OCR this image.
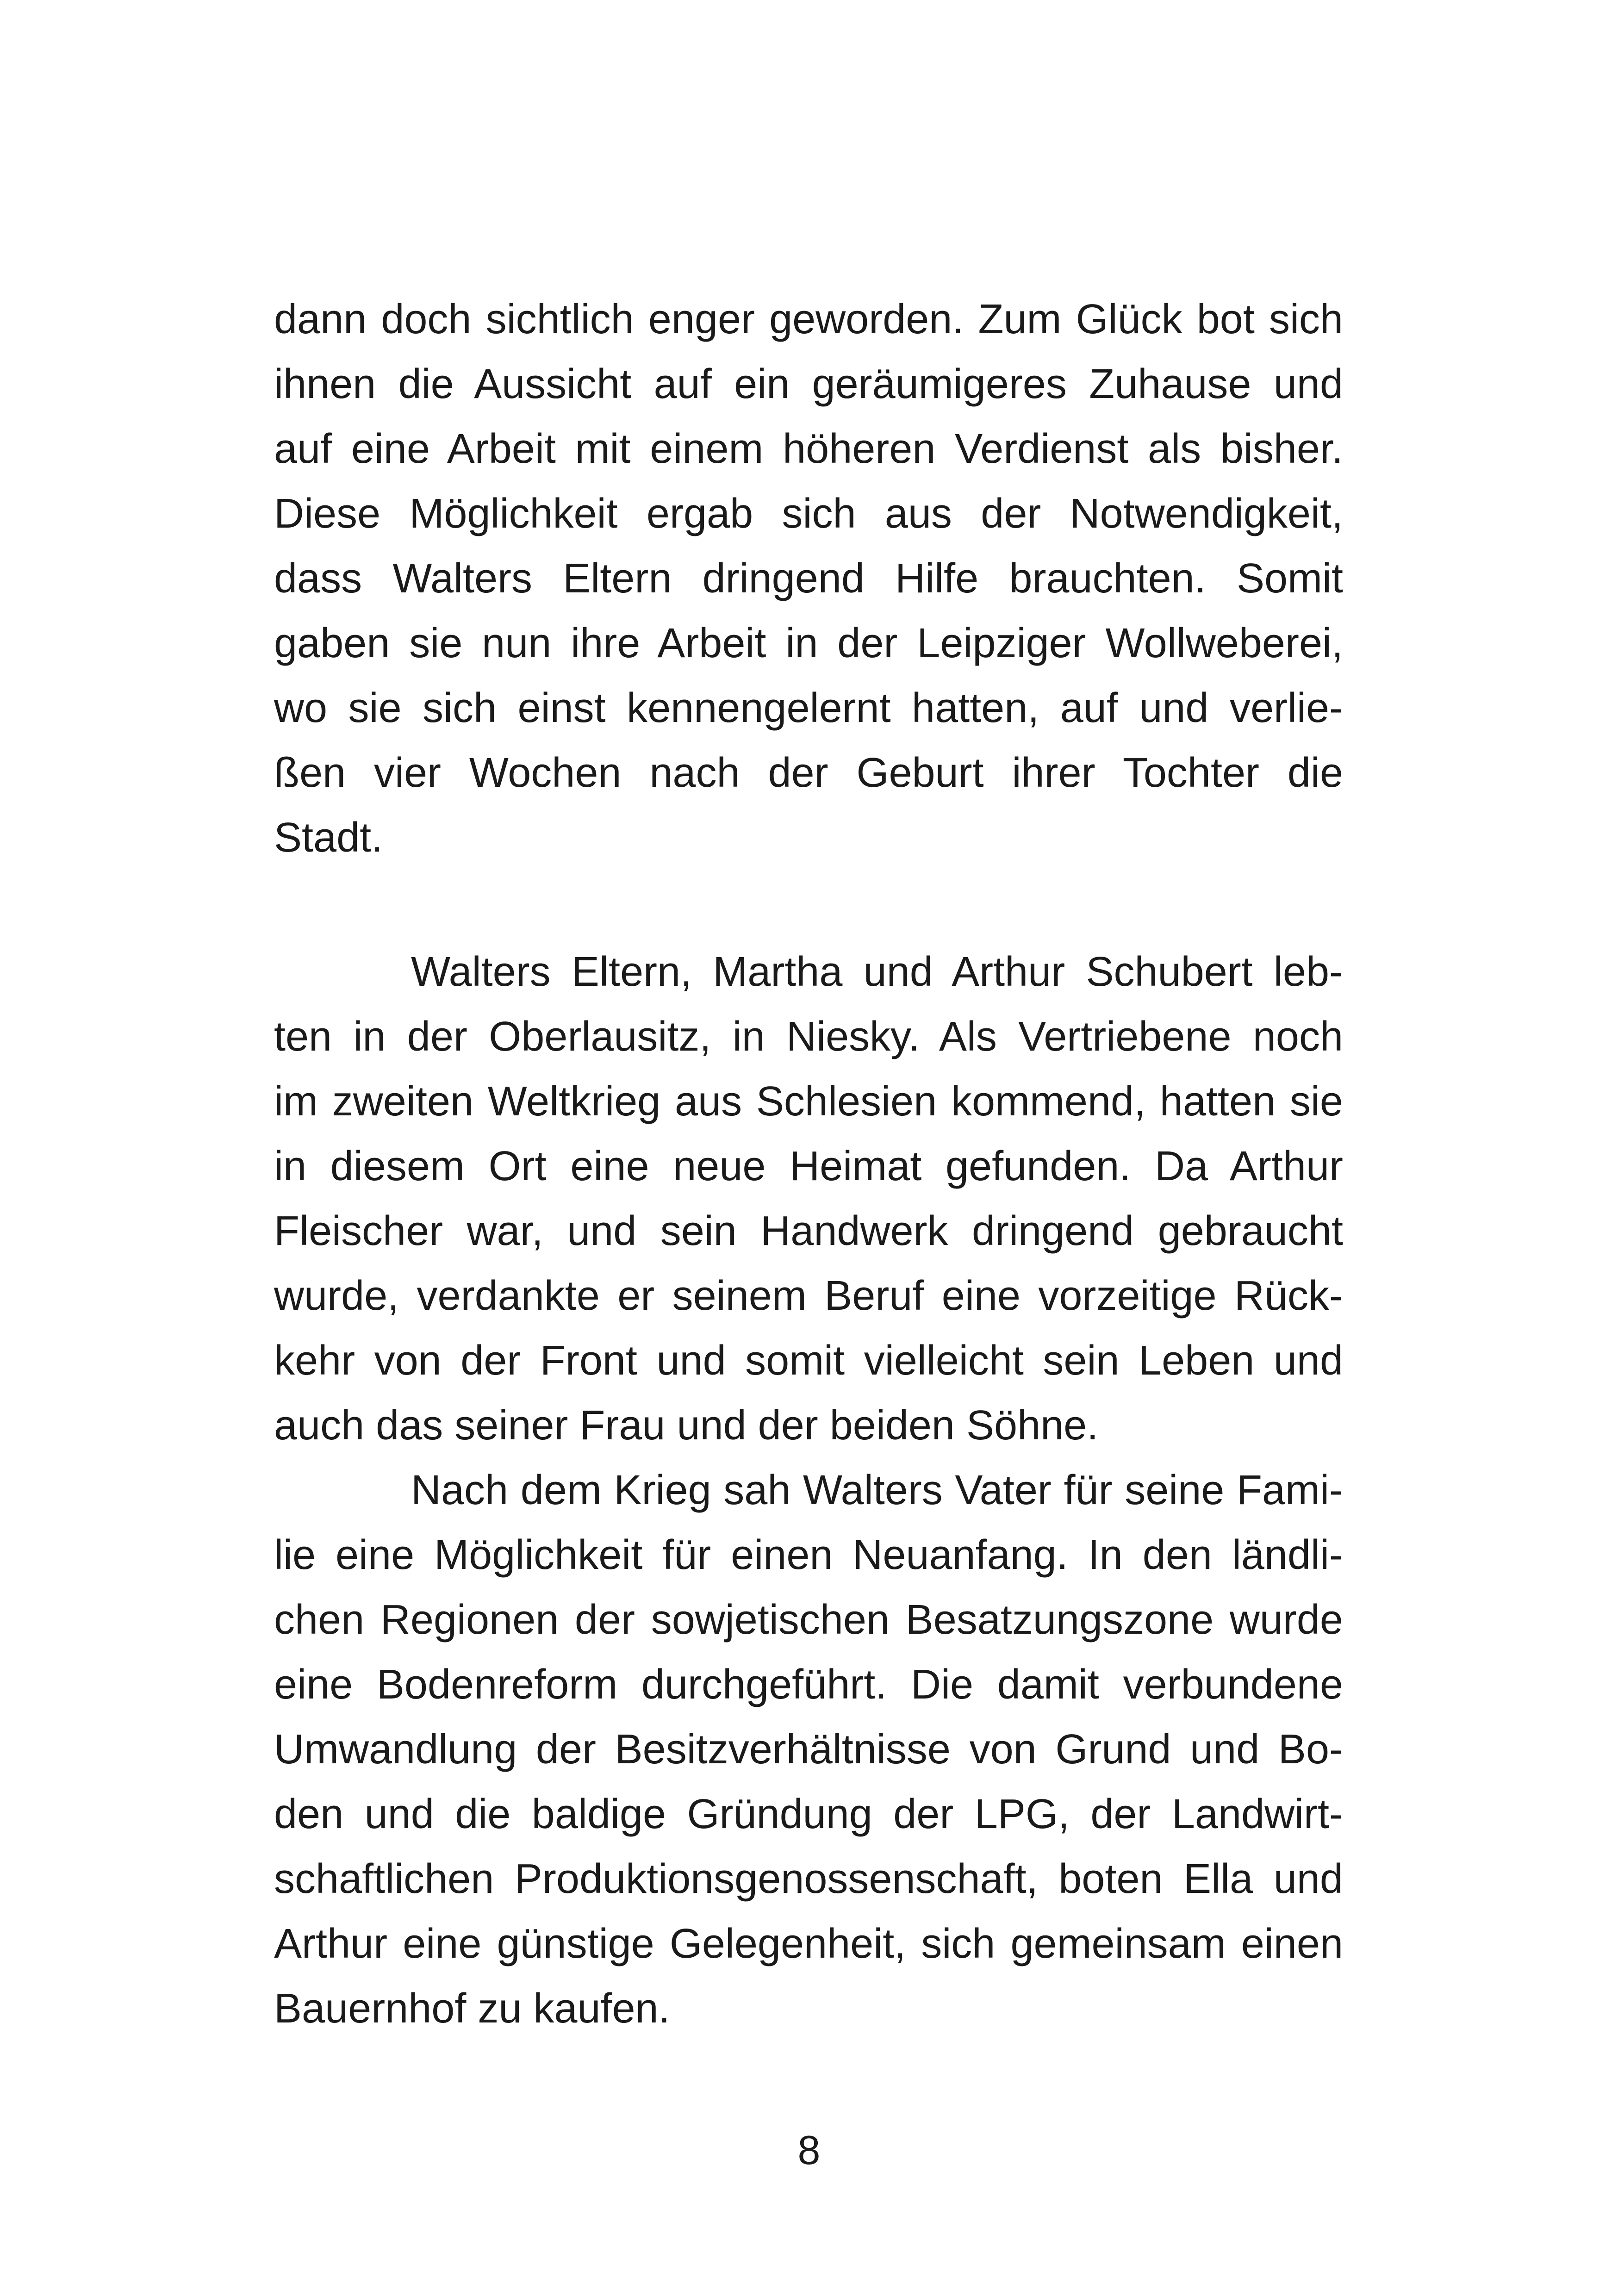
dann doch sichtlich enger geworden. Zum Glück bot sich
ihnen die Aussicht auf ein geräumigeres Zuhause und
auf eine Arbeit mit einem höheren Verdienst als bisher.
Diese Möglichkeit ergab sich aus der Notwendigkeit,
dass Walters Eltern dringend Hilfe brauchten. Somit
gaben sie nun ihre Arbeit in der Leipziger Wollweberei,
wo sie sich einst kennengelernt hatten, auf und verlie-
ßen vier Wochen nach der Geburt ihrer Tochter die
Stadt.
Walters Eltern, Martha und Arthur Schubert leb-
ten in der Oberlausitz, in Niesky. Als Vertriebene noch
im zweiten Weltkrieg aus Schlesien kommend, hatten sie
in diesem Ort eine neue Heimat gefunden. Da Arthur
Fleischer war, und sein Handwerk dringend gebraucht
wurde, verdankte er seinem Beruf eine vorzeitige Rück-
kehr von der Front und somit vielleicht sein Leben und
auch das seiner Frau und der beiden Söhne.
Nach dem Krieg sah Walters Vater für seine Fami-
lie eine Möglichkeit für einen Neuanfang. In den ländli-
chen Regionen der sowjetischen Besatzungszone wurde
eine Bodenreform durchgeführt. Die damit verbundene
Umwandlung der Besitzverhältnisse von Grund und Bo-
den und die baldige Gründung der LPG, der Landwirt-
schaftlichen Produktionsgenossenschaft, boten Ella und
Arthur eine günstige Gelegenheit, sich gemeinsam einen
Bauernhof zu kaufen.
8
